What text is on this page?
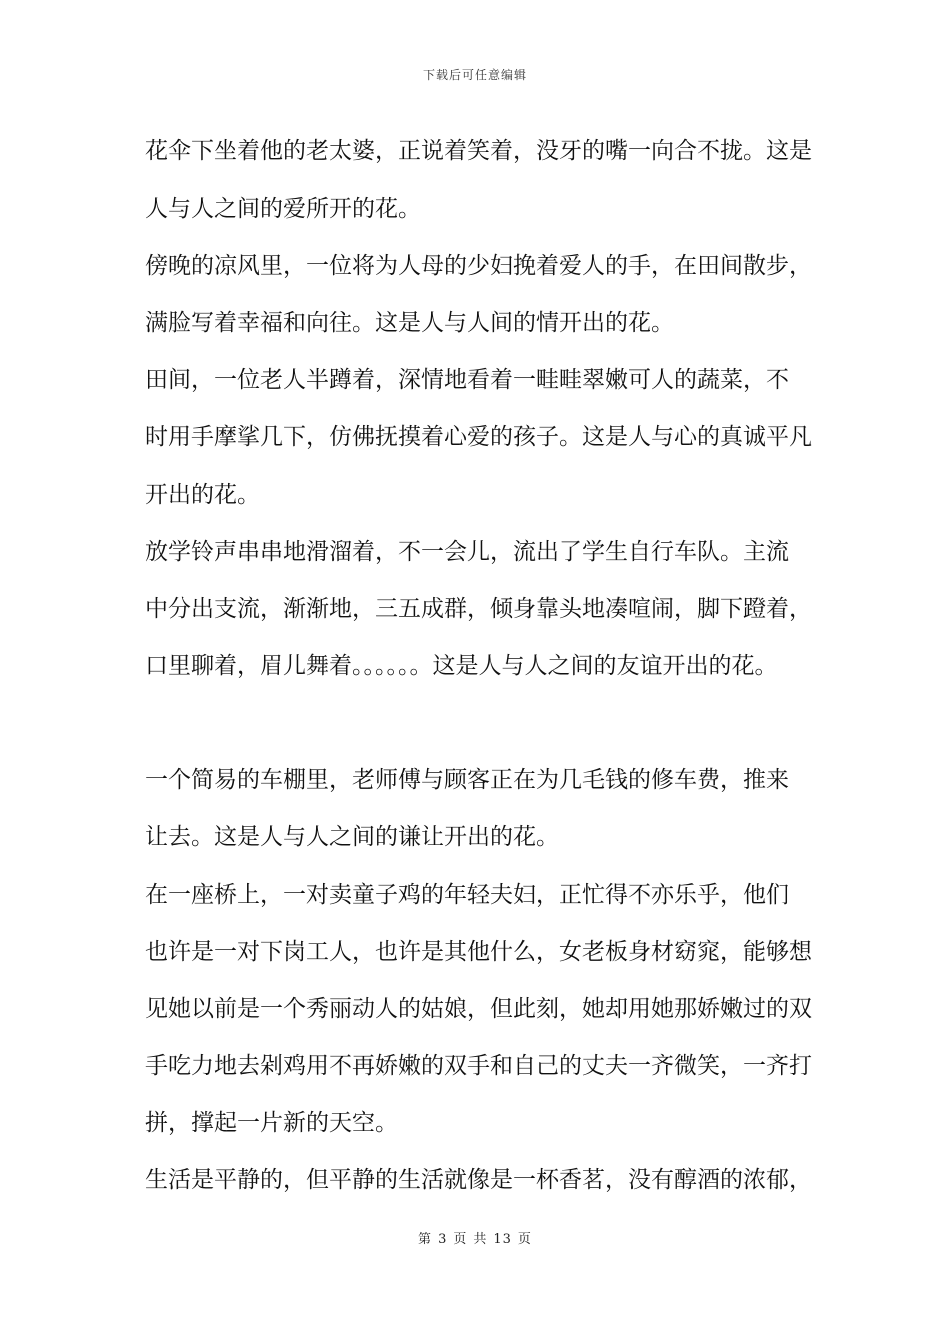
下载后可任意编辑
花伞下坐着他的老太婆，正说着笑着，没牙的嘴一向合不拢。这是
人与人之间的爱所开的花。
傍晚的凉风里，一位将为人母的少妇挽着爱人的手，在田间散步，
满脸写着幸福和向往。这是人与人间的情开出的花。
田间，一位老人半蹲着，深情地看着一畦畦翠嫩可人的蔬菜，不
时用手摩挲几下，仿佛抚摸着心爱的孩子。这是人与心的真诚平凡
开出的花。
放学铃声串串地滑溜着，不一会儿，流出了学生自行车队。主流
中分出支流，渐渐地，三五成群，倾身靠头地凑喧闹，脚下蹬着，
口里聊着，眉儿舞着。。。。。。这是人与人之间的友谊开出的花。
一个简易的车棚里，老师傅与顾客正在为几毛钱的修车费，推来
让去。这是人与人之间的谦让开出的花。
在一座桥上，一对卖童子鸡的年轻夫妇，正忙得不亦乐乎，他们
也许是一对下岗工人，也许是其他什么，女老板身材窈窕，能够想
见她以前是一个秀丽动人的姑娘，但此刻，她却用她那娇嫩过的双
手吃力地去剁鸡用不再娇嫩的双手和自己的丈夫一齐微笑，一齐打
拼，撑起一片新的天空。
生活是平静的，但平静的生活就像是一杯香茗，没有醇酒的浓郁，
第 3 页 共 13 页
